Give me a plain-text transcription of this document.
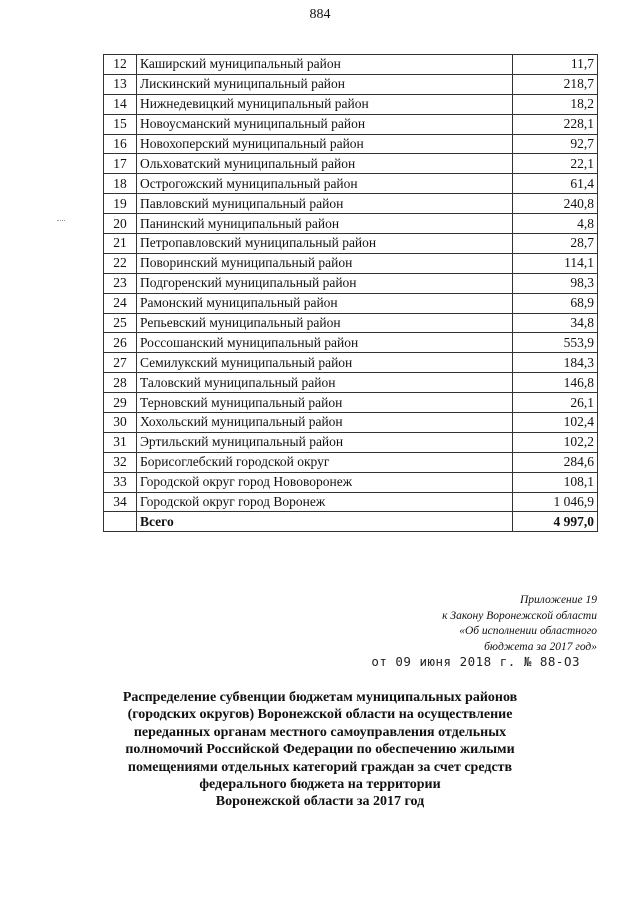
884
12	Каширский муниципальный район	11,7
13	Лискинский муниципальный район	218,7
14	Нижнедевицкий муниципальный район	18,2
15	Новоусманский муниципальный район	228,1
16	Новохоперский муниципальный район	92,7
17	Ольховатский муниципальный район	22,1
18	Острогожский муниципальный район	61,4
19	Павловский муниципальный район	240,8
20	Панинский муниципальный район	4,8
21	Петропавловский муниципальный район	28,7
22	Поворинский муниципальный район	114,1
23	Подгоренский муниципальный район	98,3
24	Рамонский муниципальный район	68,9
25	Репьевский муниципальный район	34,8
26	Россошанский муниципальный район	553,9
27	Семилукский муниципальный район	184,3
28	Таловский муниципальный район	146,8
29	Терновский муниципальный район	26,1
30	Хохольский муниципальный район	102,4
31	Эртильский муниципальный район	102,2
32	Борисоглебский городской округ	284,6
33	Городской округ город Нововоронеж	108,1
34	Городской округ город Воронеж	1 046,9
	Всего	4 997,0
Приложение 19
к Закону Воронежской области
«Об исполнении областного
бюджета за 2017 год»
от 09 июня 2018 г. № 88-ОЗ
Распределение субвенции бюджетам муниципальных районов
(городских округов) Воронежской области на осуществление
переданных органам местного самоуправления отдельных
полномочий Российской Федерации по обеспечению жилыми
помещениями отдельных категорий граждан за счет средств
федерального бюджета на территории
Воронежской области за 2017 год
